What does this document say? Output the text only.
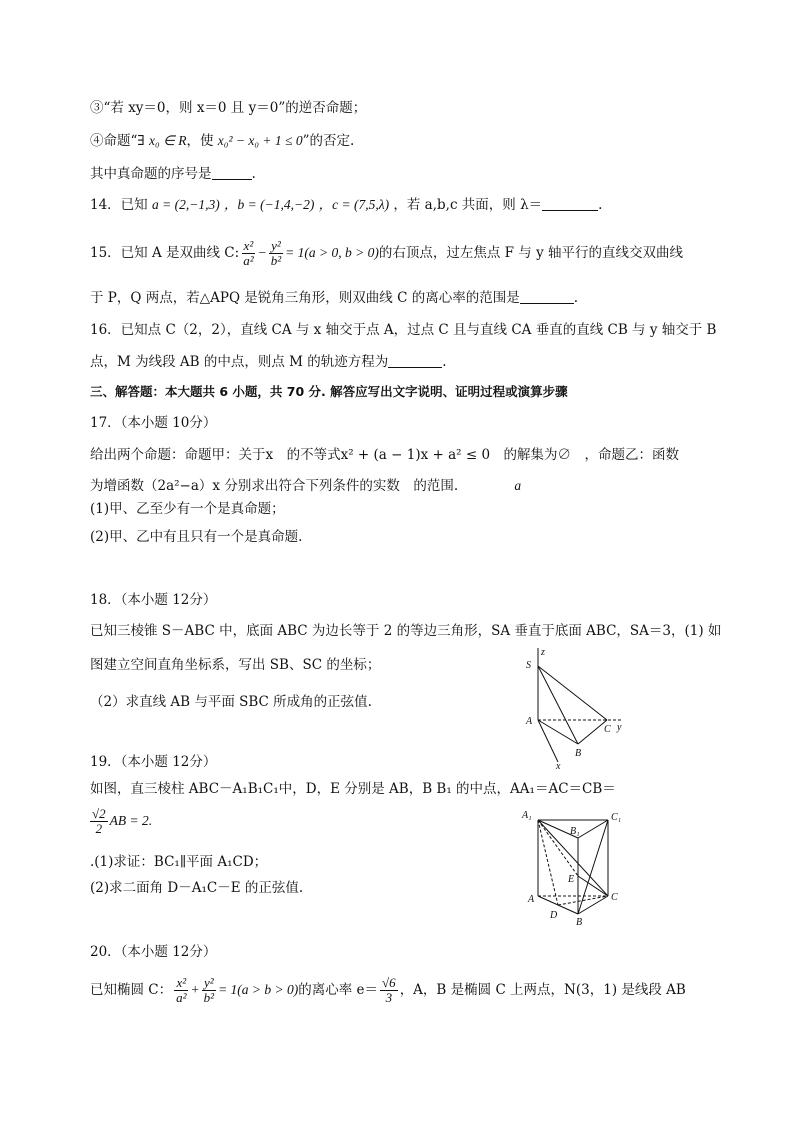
③“若 xy＝0，则 x＝0 且 y＝0”的逆否命题；
④命题“∃ x₀ ∈ R，使 x₀² − x₀ + 1 ≤ 0”的否定.
其中真命题的序号是	.
14．已知 a = (2,−1,3) ，b = (−1,4,−2) ，c = (7,5,λ) ，若 a,b,c 共面，则 λ＝	.
15．已知 A 是双曲线 C: $\frac{\text{x²}}{\text{a²}} - \frac{\text{y²}}{\text{b²}} = 1(a > 0$, b > 0)的右顶点，过左焦点 F 与 y 轴平行的直线交双曲线
于 P，Q 两点，若△APQ 是锐角三角形，则双曲线 C 的离心率的范围是	.
16．已知点 C（2，2），直线 CA 与 x 轴交于点 A，过点 C 且与直线 CA 垂直的直线 CB 与 y 轴交于 B
点，M 为线段 AB 的中点，则点 M 的轨迹方程为	.
三、解答题：本大题共 6 小题，共 70 分. 解答应写出文字说明、证明过程或演算步骤
17．（本小题 10分）
给出两个命题：命题甲：关于x　的不等式x² + (a − 1)x + a² ≤ 0　的解集为∅　，命题乙：函数
为增函数（2a²−a）x 分别求出符合下列条件的实数　的范围.	a
(1)甲、乙至少有一个是真命题；
(2)甲、乙中有且只有一个是真命题.
18．（本小题 12分）
已知三棱锥 S－ABC 中，底面 ABC 为边长等于 2 的等边三角形，SA 垂直于底面 ABC，SA＝3，(1) 如
图建立空间直角坐标系，写出 SB、SC 的坐标；
（2）求直线 AB 与平面 SBC 所成角的正弦值.
S
z
A
C y
B
x
19．（本小题 12分）
如图，直三棱柱 ABC－A₁B₁C₁中，D，E 分别是 AB，B B₁ 的中点，AA₁＝AC＝CB＝
$\frac{√2}{2}$ AB = 2.
.(1)求证：BC₁∥平面 A₁CD；
(2)求二面角 D－A₁C－E 的正弦值.
A₁
B₁
C₁
E
A
D
C
B
20．（本小题 12分）
已知椭圆 C： $\frac{\text{x²}}{\text{a²}} + \frac{\text{y²}}{\text{b²}} = 1(a > b > 0)$的离心率 $e= \frac{√6}{3}$ ，A，B 是椭圆 C 上两点，N(3，1) 是线段 AB
